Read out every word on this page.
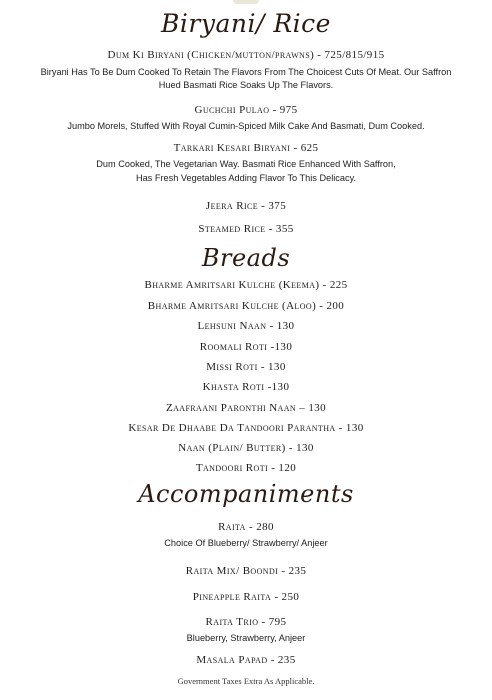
Biryani/ Rice
Dum Ki Biryani (Chicken/mutton/prawns) - 725/815/915
Biryani Has To Be Dum Cooked To Retain The Flavors From The Choicest Cuts Of Meat. Our Saffron
Hued Basmati Rice Soaks Up The Flavors.
Guchchi Pulao - 975
Jumbo Morels, Stuffed With Royal Cumin-Spiced Milk Cake And Basmati, Dum Cooked.
Tarkari Kesari Biryani - 625
Dum Cooked, The Vegetarian Way. Basmati Rice Enhanced With Saffron,
Has Fresh Vegetables Adding Flavor To This Delicacy.
Jeera Rice - 375
Steamed Rice - 355
Breads
Bharme Amritsari Kulche (Keema) - 225
Bharme Amritsari Kulche (Aloo) - 200
Lehsuni Naan - 130
Roomali Roti -130
Missi Roti - 130
Khasta Roti -130
Zaafraani Paronthi Naan – 130
Kesar De Dhaabe Da Tandoori Parantha - 130
Naan (Plain/ Butter) - 130
Tandoori Roti - 120
Accompaniments
Raita - 280
Choice Of Blueberry/ Strawberry/ Anjeer
Raita Mix/ Boondi - 235
Pineapple Raita - 250
Raita Trio - 795
Blueberry, Strawberry, Anjeer
Masala Papad - 235
Government Taxes Extra As Applicable.
